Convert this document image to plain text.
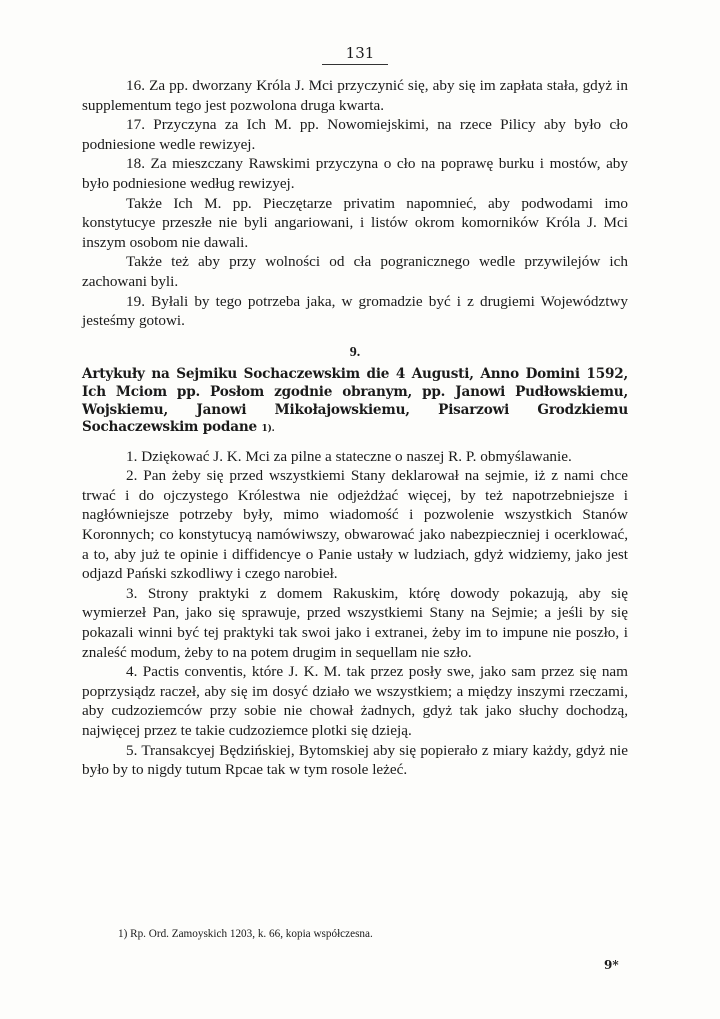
131

16. Za pp. dworzany Króla J. Mci przyczynić się, aby się im zapłata stała, gdyż in supplementum tego jest pozwolona druga kwarta.

17. Przyczyna za Ich M. pp. Nowomiejskimi, na rzece Pilicy aby było cło podniesione wedle rewizyej.

18. Za mieszczany Rawskimi przyczyna o cło na poprawę burku i mostów, aby było podniesione według rewizyej.

Także Ich M. pp. Pieczętarze privatim napomnieć, aby podwodami imo konstytucye przeszłe nie byli angariowani, i listów okrom komorników Króla J. Mci inszym osobom nie dawali.

Także też aby przy wolności od cła pogranicznego wedle przywilejów ich zachowani byli.

19. Byłali by tego potrzeba jaka, w gromadzie być i z drugiemi Województwy jesteśmy gotowi.

9.
Artykuły na Sejmiku Sochaczewskim die 4 Augusti, Anno Domini 1592, Ich Mciom pp. Posłom zgodnie obranym, pp. Janowi Pudłowskiemu, Wojskiemu, Janowi Mikołajowskiemu, Pisarzowi Grodzkiemu Sochaczewskim podane 1).

1. Dziękować J. K. Mci za pilne a stateczne o naszej R. P. obmyślawanie.

2. Pan żeby się przed wszystkiemi Stany deklarował na sejmie, iż z nami chce trwać i do ojczystego Królestwa nie odjeżdżać więcej, by też napotrzebniejsze i nagłówniejsze potrzeby były, mimo wiadomość i pozwolenie wszystkich Stanów Koronnych; co konstytucyą namówiwszy, obwarować jako nabezpieczniej i ocerklować, a to, aby już te opinie i diffidencye o Panie ustały w ludziach, gdyż widziemy, jako jest odjazd Pański szkodliwy i czego narobieł.

3. Strony praktyki z domem Rakuskim, którę dowody pokazują, aby się wymierzeł Pan, jako się sprawuje, przed wszystkiemi Stany na Sejmie; a jeśli by się pokazali winni być tej praktyki tak swoi jako i extranei, żeby im to impune nie poszło, i znaleść modum, żeby to na potem drugim in sequellam nie szło.

4. Pactis conventis, które J. K. M. tak przez posły swe, jako sam przez się nam poprzysiądz raczeł, aby się im dosyć działo we wszystkiem; a między inszymi rzeczami, aby cudzoziemców przy sobie nie chował żadnych, gdyż tak jako słuchy dochodzą, najwięcej przez te takie cudzoziemce plotki się dzieją.

5. Transakcyej Będzińskiej, Bytomskiej aby się popierało z miary każdy, gdyż nie było by to nigdy tutum Rpcae tak w tym rosole leżeć.

1) Rp. Ord. Zamoyskich 1203, k. 66, kopia współczesna.
9*
